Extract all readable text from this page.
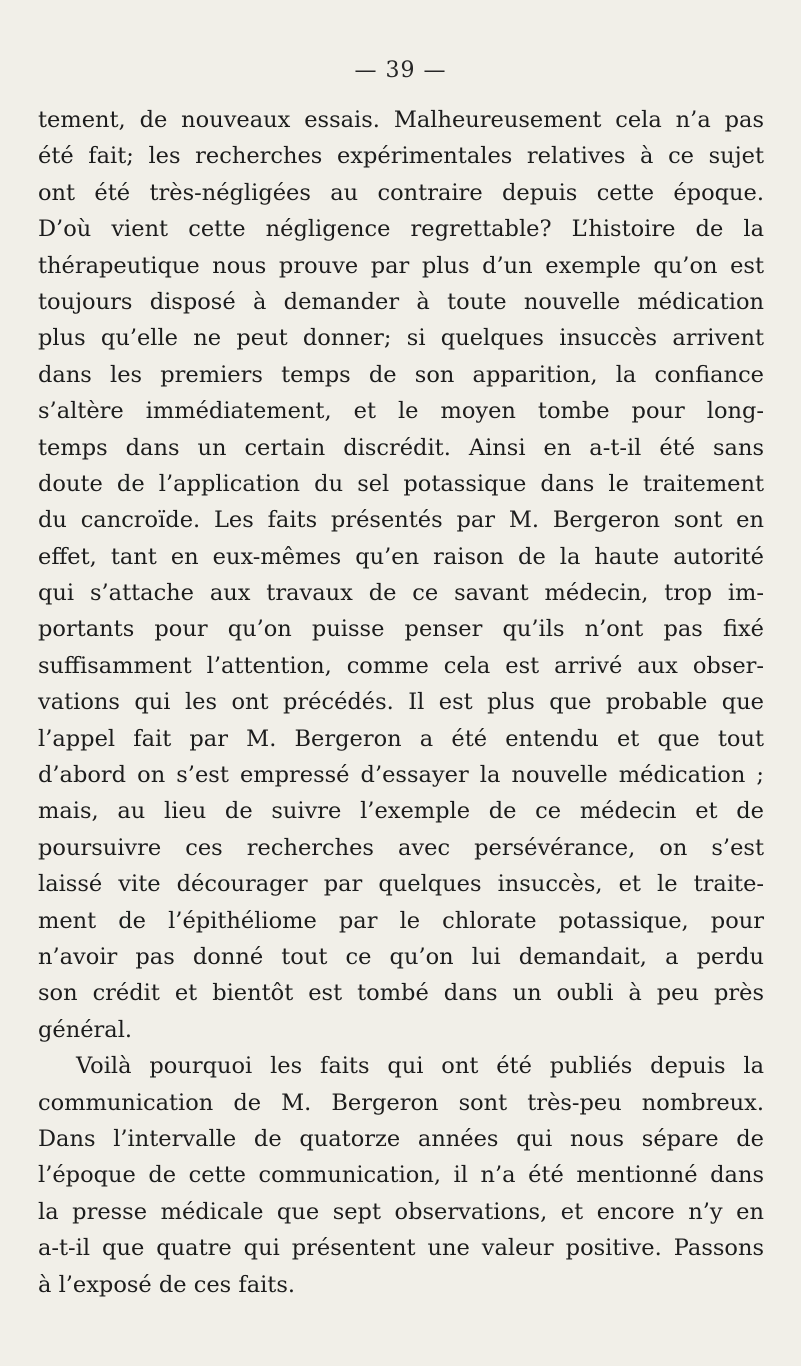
— 39 —
tement, de nouveaux essais. Malheureusement cela n’a pas
été fait; les recherches expérimentales relatives à ce sujet
ont été très-négligées au contraire depuis cette époque.
D’où vient cette négligence regrettable? L’histoire de la
thérapeutique nous prouve par plus d’un exemple qu’on est
toujours disposé à demander à toute nouvelle médication
plus qu’elle ne peut donner; si quelques insuccès arrivent
dans les premiers temps de son apparition, la confiance
s’altère immédiatement, et le moyen tombe pour long-
temps dans un certain discrédit. Ainsi en a-t-il été sans
doute de l’application du sel potassique dans le traitement
du cancroïde. Les faits présentés par M. Bergeron sont en
effet, tant en eux-mêmes qu’en raison de la haute autorité
qui s’attache aux travaux de ce savant médecin, trop im-
portants pour qu’on puisse penser qu’ils n’ont pas fixé
suffisamment l’attention, comme cela est arrivé aux obser-
vations qui les ont précédés. Il est plus que probable que
l’appel fait par M. Bergeron a été entendu et que tout
d’abord on s’est empressé d’essayer la nouvelle médication ;
mais, au lieu de suivre l’exemple de ce médecin et de
poursuivre ces recherches avec persévérance, on s’est
laissé vite décourager par quelques insuccès, et le traite-
ment de l’épithéliome par le chlorate potassique, pour
n’avoir pas donné tout ce qu’on lui demandait, a perdu
son crédit et bientôt est tombé dans un oubli à peu près
général.
Voilà pourquoi les faits qui ont été publiés depuis la
communication de M. Bergeron sont très-peu nombreux.
Dans l’intervalle de quatorze années qui nous sépare de
l’époque de cette communication, il n’a été mentionné dans
la presse médicale que sept observations, et encore n’y en
a-t-il que quatre qui présentent une valeur positive. Passons
à l’exposé de ces faits.
